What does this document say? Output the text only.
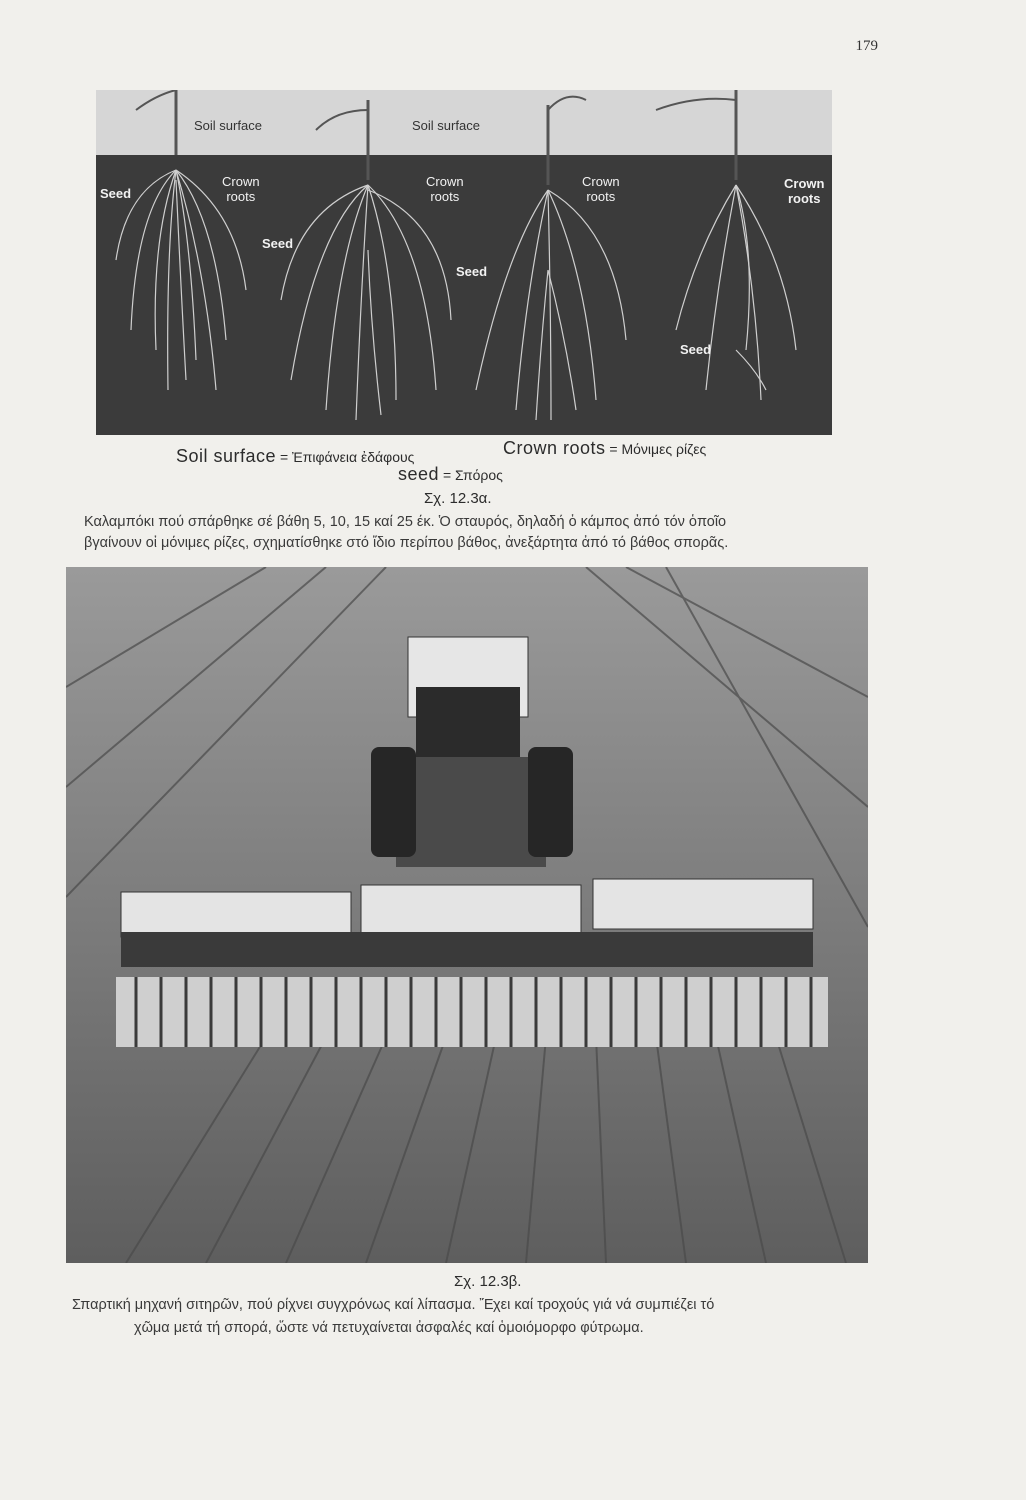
179
Soil surface	Soil surface
Seed
Seed
Seed
Seed
Crown
roots
Crown
roots
Crown
roots
Crown
roots
Soil surface = Ἐπιφάνεια ἐδάφους	Crown roots = Μόνιμες ρίζες
seed = Σπόρος
Σχ. 12.3α.
Καλαμπόκι πού σπάρθηκε σέ βάθη 5, 10, 15 καί 25 έκ. Ὁ σταυρός, δηλαδή ὁ κάμπος ἀπό τόν ὁποῖο
βγαίνουν οἱ μόνιμες ρίζες, σχηματίσθηκε στό ἴδιο περίπου βάθος, ἀνεξάρτητα ἀπό τό βάθος σπορᾶς.
Σχ. 12.3β.
Σπαρτική μηχανή σιτηρῶν, πού ρίχνει συγχρόνως καί λίπασμα. Ἔχει καί τροχούς γιά νά συμπιέζει τό
χῶμα μετά τή σπορά, ὥστε νά πετυχαίνεται ἀσφαλές καί ὁμοιόμορφο φύτρωμα.
